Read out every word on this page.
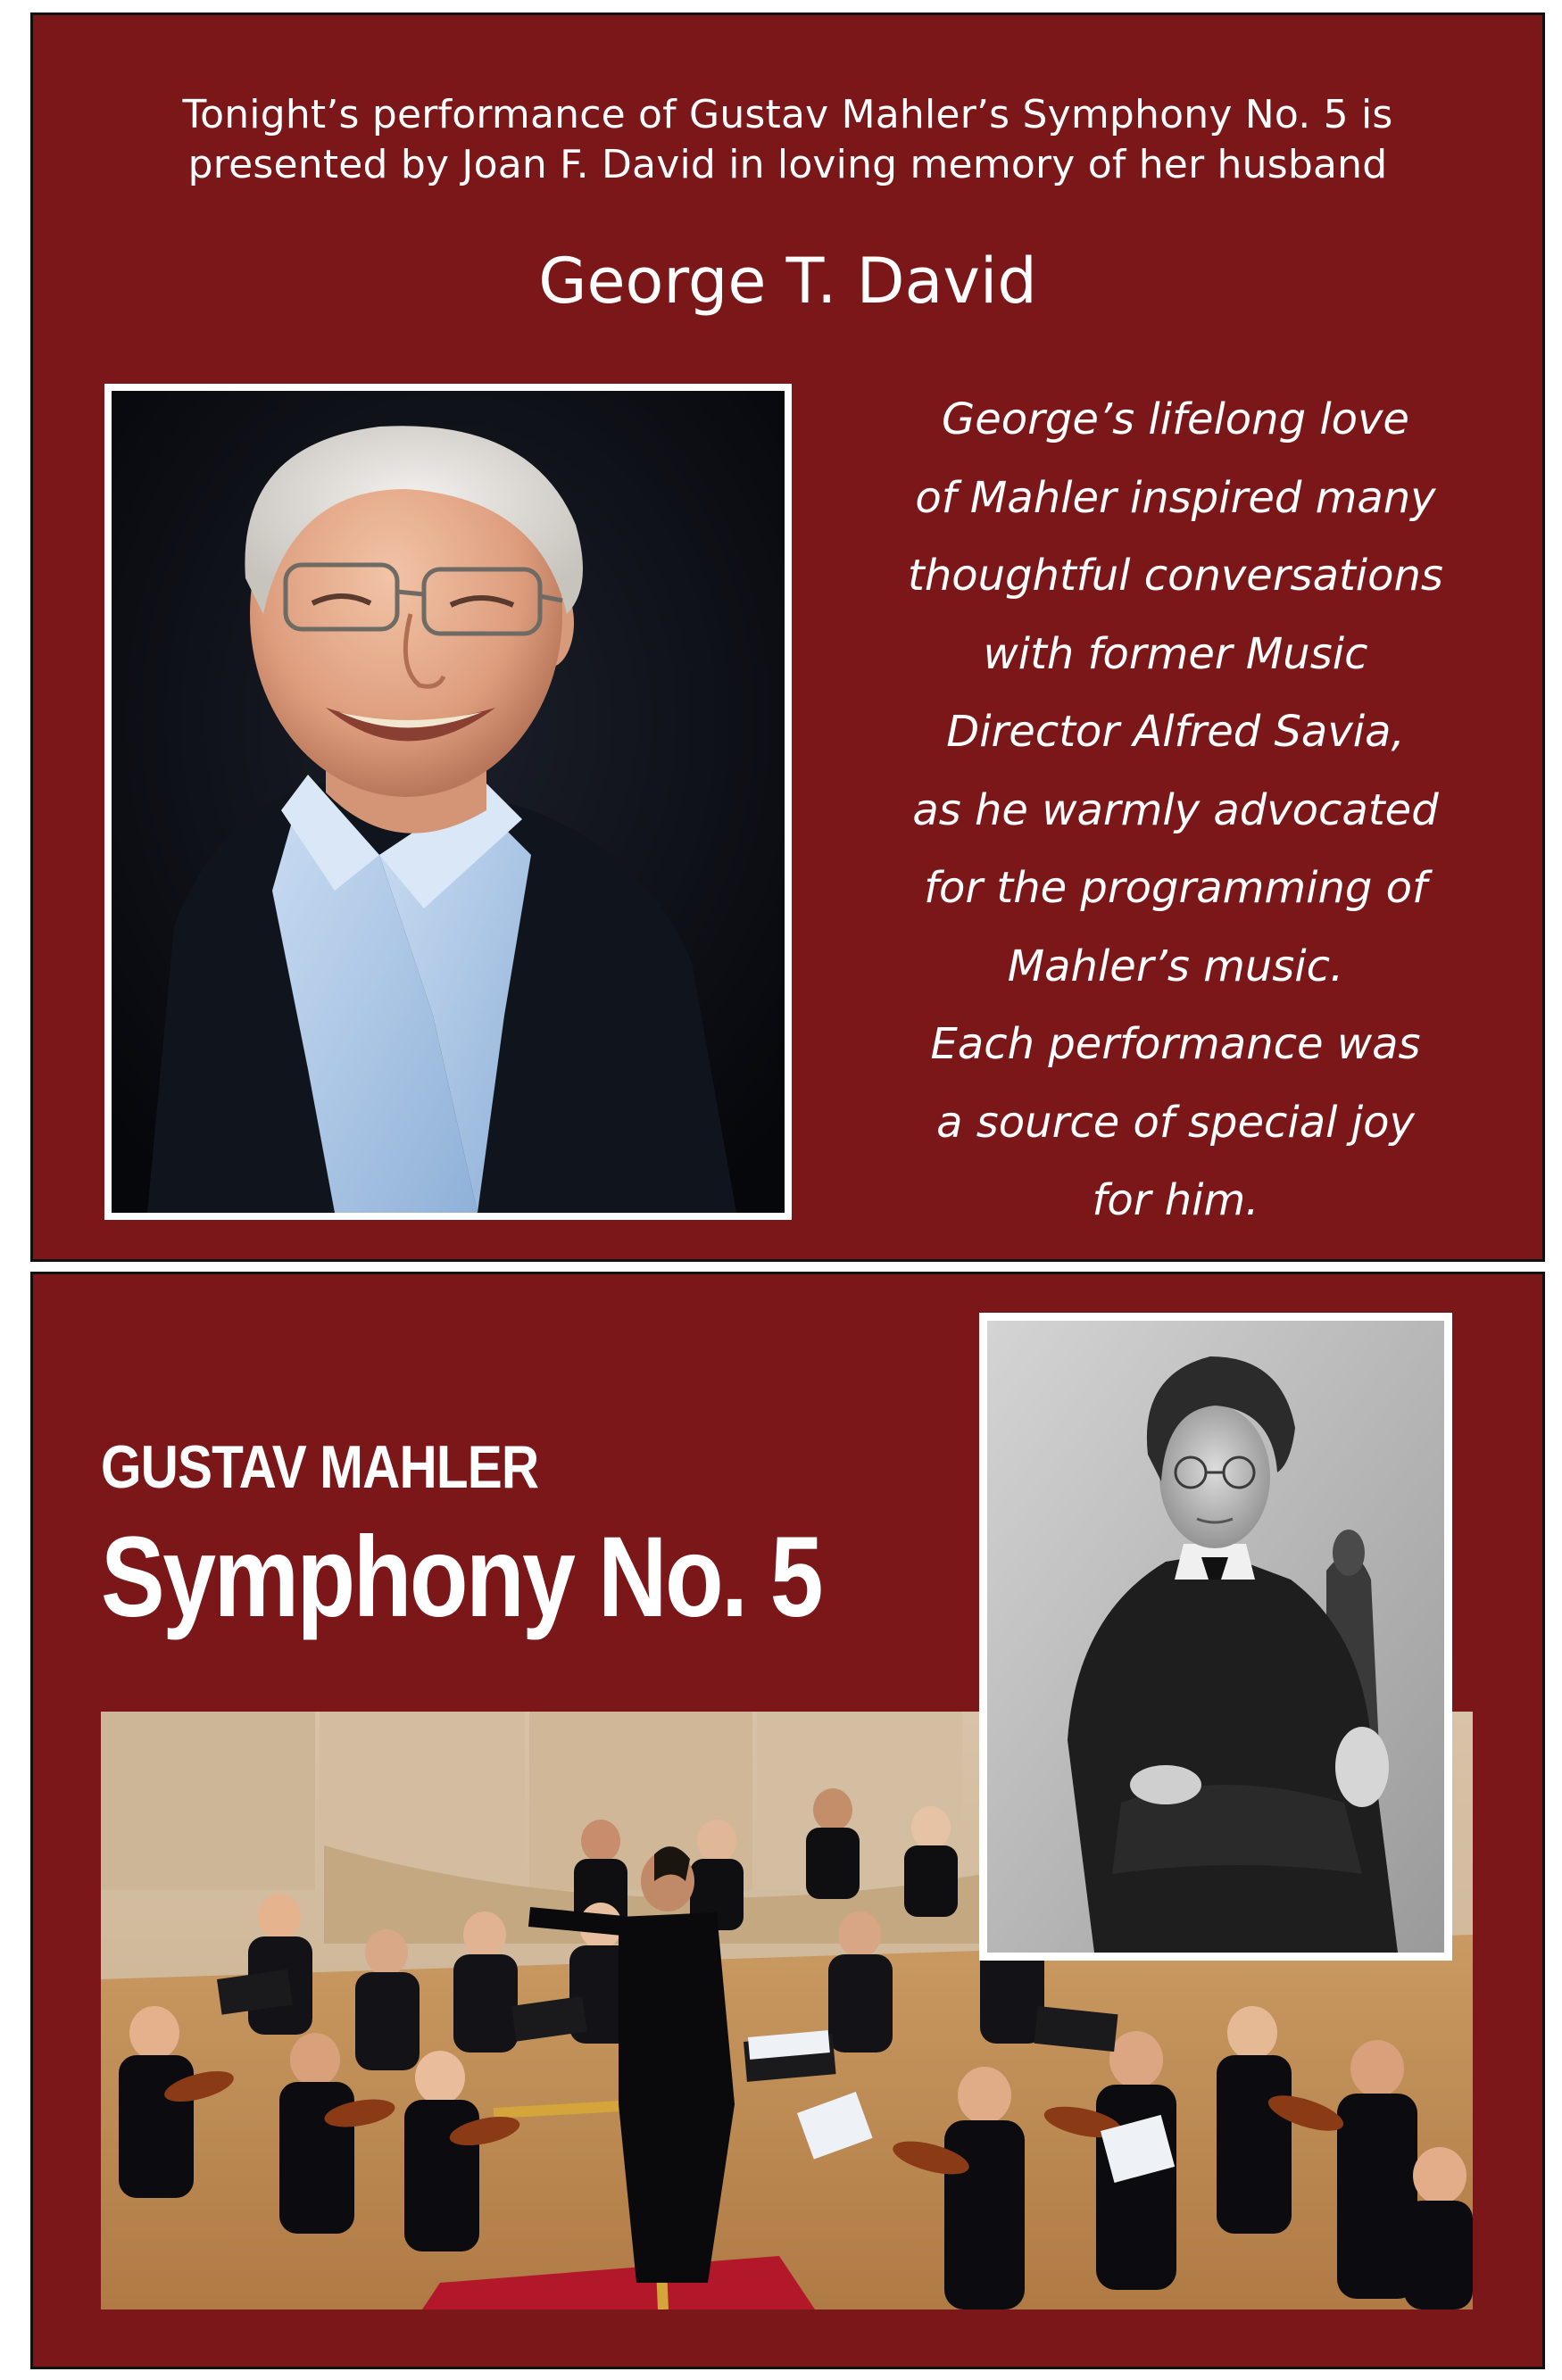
Tonight’s performance of Gustav Mahler’s Symphony No. 5 is
presented by Joan F. David in loving memory of her husband
George T. David
George’s lifelong love
of Mahler inspired many
thoughtful conversations
with former Music
Director Alfred Savia,
as he warmly advocated
for the programming of
Mahler’s music.
Each performance was
a source of special joy
for him.
GUSTAV MAHLER
Symphony No. 5
